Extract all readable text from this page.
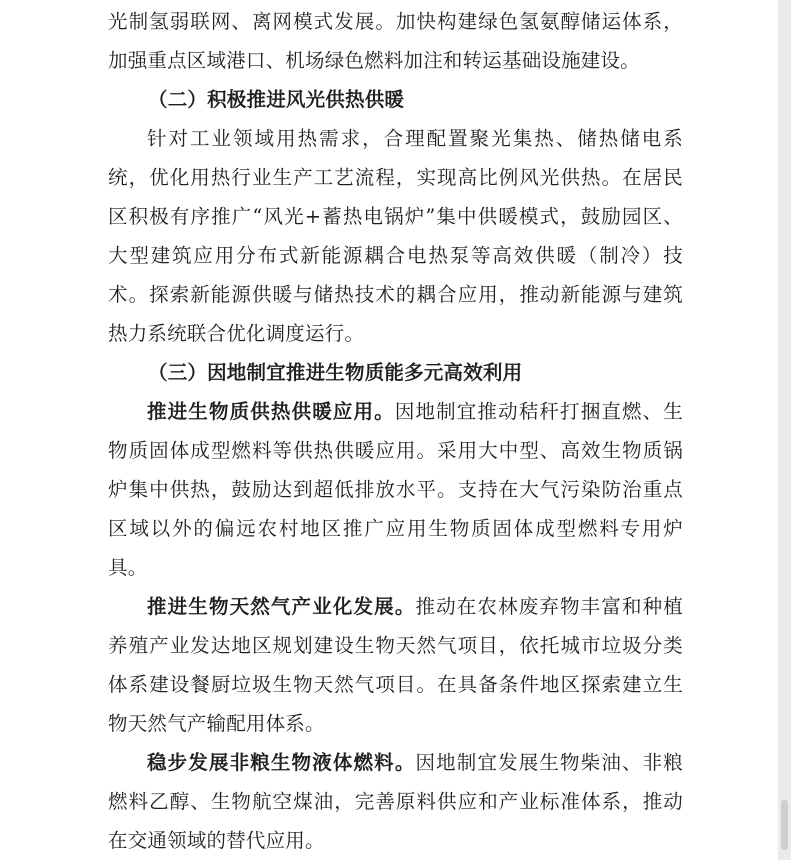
光制氢弱联网、离网模式发展。加快构建绿色氢氨醇储运体系，
加强重点区域港口、机场绿色燃料加注和转运基础设施建设。
（二）积极推进风光供热供暖
针对工业领域用热需求，合理配置聚光集热、储热储电系
统，优化用热行业生产工艺流程，实现高比例风光供热。在居民
区积极有序推广“风光+蓄热电锅炉”集中供暖模式，鼓励园区、
大型建筑应用分布式新能源耦合电热泵等高效供暖（制冷）技
术。探索新能源供暖与储热技术的耦合应用，推动新能源与建筑
热力系统联合优化调度运行。
（三）因地制宜推进生物质能多元高效利用
推进生物质供热供暖应用。因地制宜推动秸秆打捆直燃、生
物质固体成型燃料等供热供暖应用。采用大中型、高效生物质锅
炉集中供热，鼓励达到超低排放水平。支持在大气污染防治重点
区域以外的偏远农村地区推广应用生物质固体成型燃料专用炉
具。
推进生物天然气产业化发展。推动在农林废弃物丰富和种植
养殖产业发达地区规划建设生物天然气项目，依托城市垃圾分类
体系建设餐厨垃圾生物天然气项目。在具备条件地区探索建立生
物天然气产输配用体系。
稳步发展非粮生物液体燃料。因地制宜发展生物柴油、非粮
燃料乙醇、生物航空煤油，完善原料供应和产业标准体系，推动
在交通领域的替代应用。
